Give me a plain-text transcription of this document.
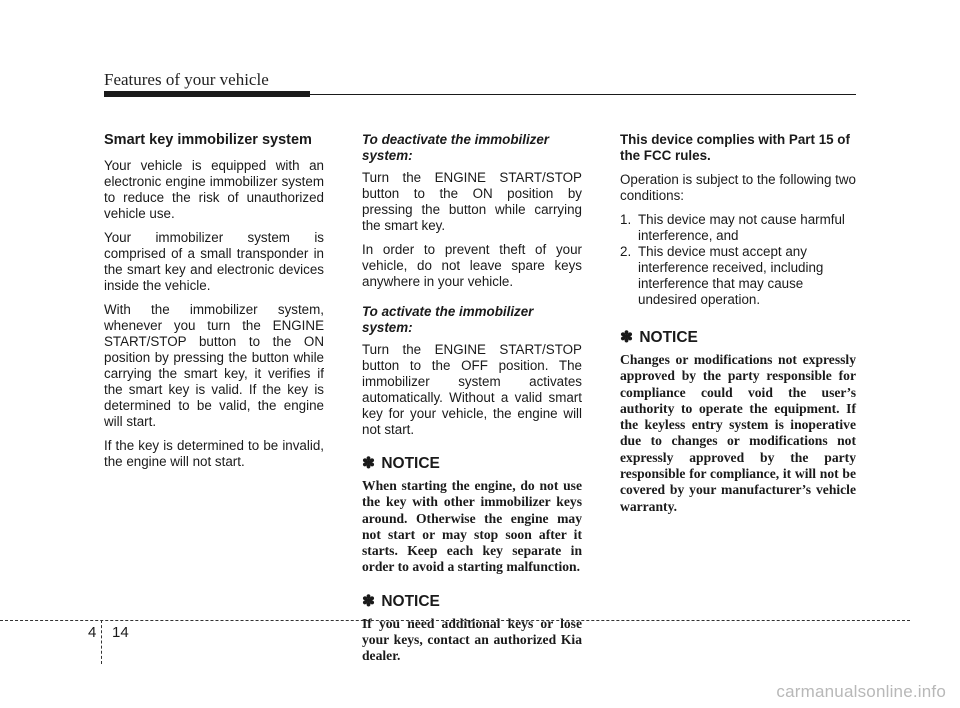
Features of your vehicle
Smart key immobilizer system

Your vehicle is equipped with an electronic engine immobilizer system to reduce the risk of unauthorized vehicle use.

Your immobilizer system is comprised of a small transponder in the smart key and electronic devices inside the vehicle.

With the immobilizer system, whenever you turn the ENGINE START/STOP button to the ON position by pressing the button while carrying the smart key, it verifies if the smart key is valid. If the key is determined to be valid, the engine will start.

If the key is determined to be invalid, the engine will not start.

To deactivate the immobilizer system:

Turn the ENGINE START/STOP button to the ON position by pressing the button while carrying the smart key.

In order to prevent theft of your vehicle, do not leave spare keys anywhere in your vehicle.

To activate the immobilizer system:

Turn the ENGINE START/STOP button to the OFF position. The immobilizer system activates automatically. Without a valid smart key for your vehicle, the engine will not start.

✽ NOTICE

When starting the engine, do not use the key with other immobilizer keys around. Otherwise the engine may not start or may stop soon after it starts. Keep each key separate in order to avoid a starting malfunction.

✽ NOTICE

If you need additional keys or lose your keys, contact an authorized Kia dealer.

This device complies with Part 15 of the FCC rules.

Operation is subject to the following two conditions:

1. This device may not cause harmful interference, and
2. This device must accept any interference received, including interference that may cause undesired operation.
✽ NOTICE

Changes or modifications not expressly approved by the party responsible for compliance could void the user’s authority to operate the equipment. If the keyless entry system is inoperative due to changes or modifications not expressly approved by the party responsible for compliance, it will not be covered by your manufacturer’s vehicle warranty.

4 14
carmanualsonline.info
